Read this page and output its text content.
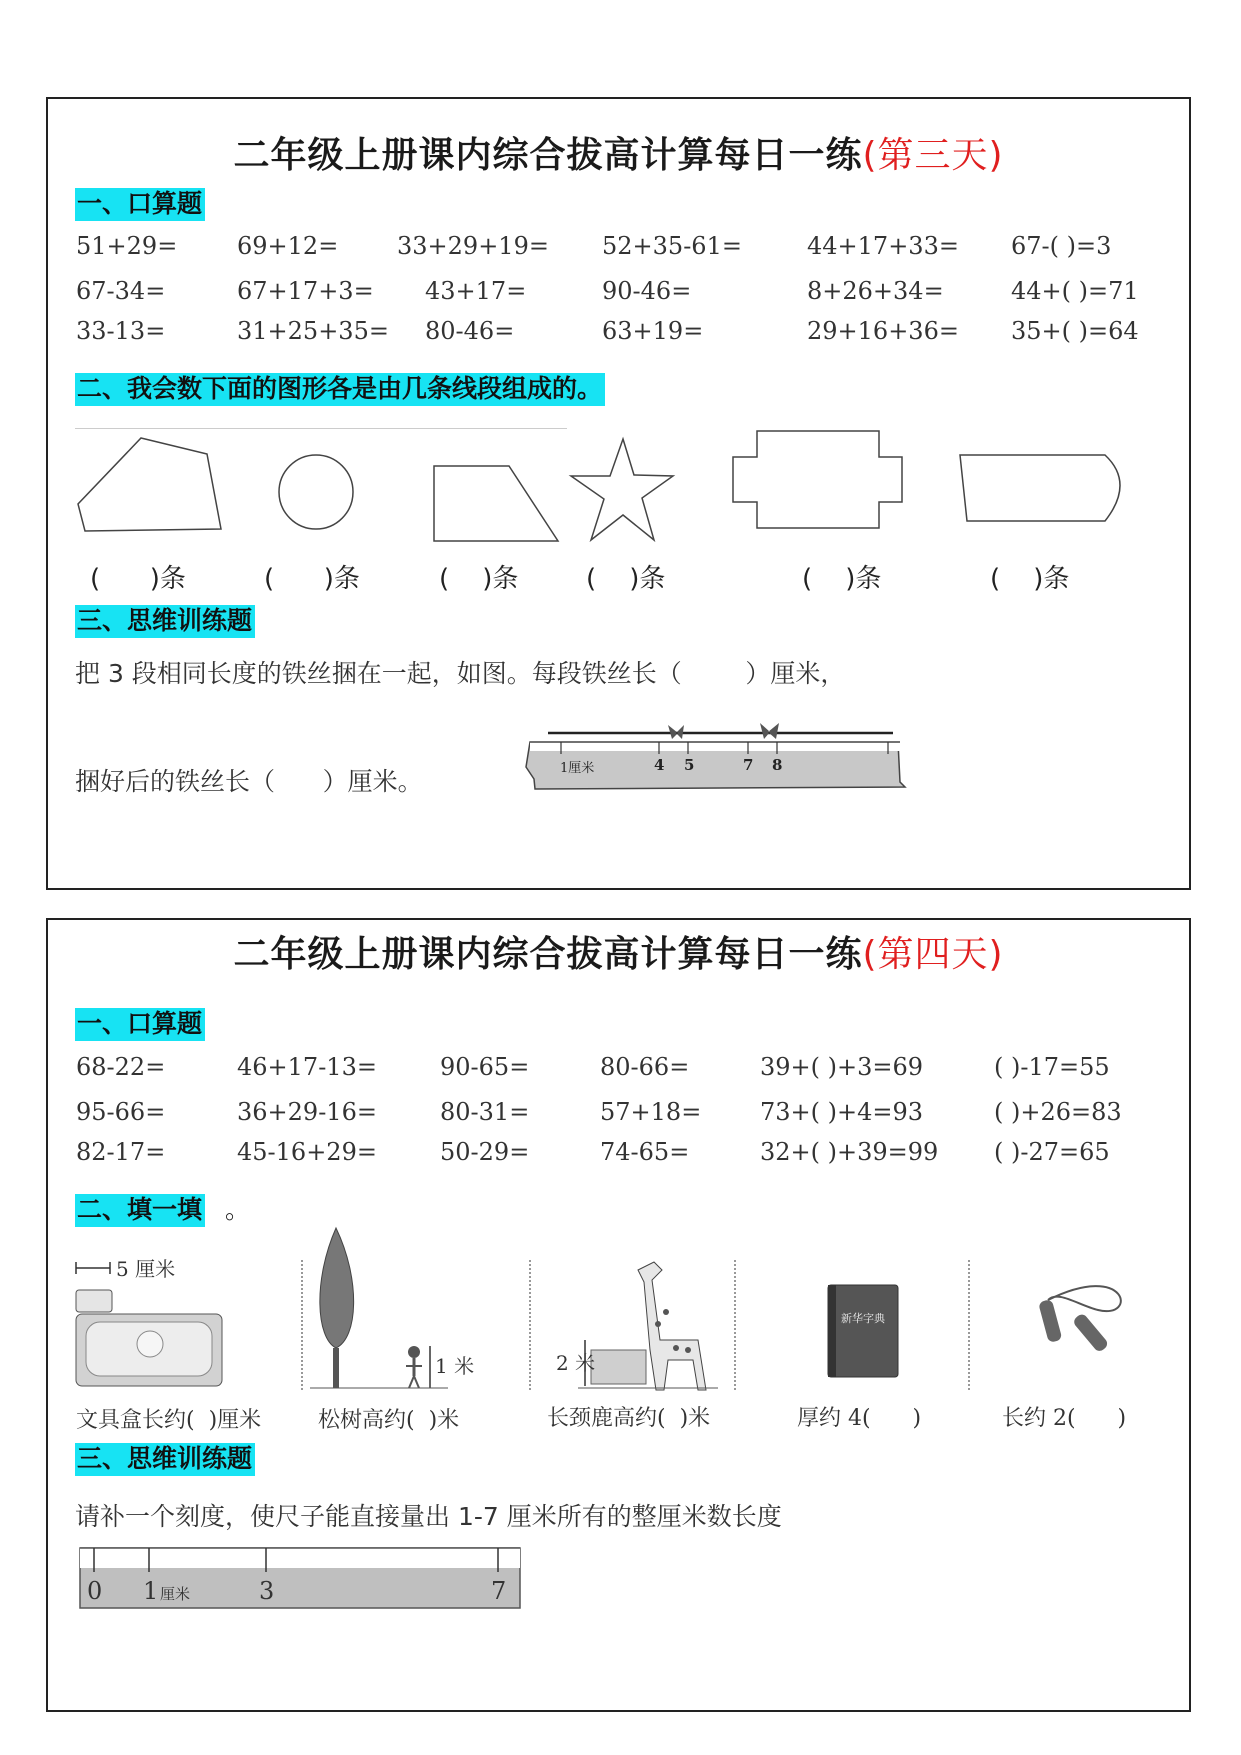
二年级上册课内综合拔高计算每日一练(第三天)
一、口算题
51+29= 69+12= 33+29+19= 52+35-61=	44+17+33= 67-( )=3
67-34=	67+17+3= 43+17=	90-46=	8+26+34=	44+( )=71
33-13=	31+25+35= 80-46=	63+19=	29+16+36= 35+( )=64
二、我会数下面的图形各是由几条线段组成的。
(      )条	(      )条	(    )条	(    )条	(    )条	(    )条
三、思维训练题
把 3 段相同长度的铁丝捆在一起，如图。每段铁丝长（        ）厘米，
捆好后的铁丝长（      ）厘米。	1厘米	4 5	7 8
二年级上册课内综合拔高计算每日一练(第四天)
一、口算题
68-22=	46+17-13=	90-65=	80-66=	39+( )+3=69	( )-17=55
95-66=	36+29-16=	80-31=	57+18= 73+( )+4=93	( )+26=83
82-17=	45-16+29=	50-29=	74-65=	32+( )+39=99 ( )-27=65
二、填一填 。
5 厘米
1 米	2 米
新华字典
文具盒长约(  )厘米	松树高约(  )米	长颈鹿高约(  )米	厚约 4(      )	长约 2(      )
三、思维训练题
请补一个刻度，使尺子能直接量出 1-7 厘米所有的整厘米数长度
0 1 厘米	3	7
